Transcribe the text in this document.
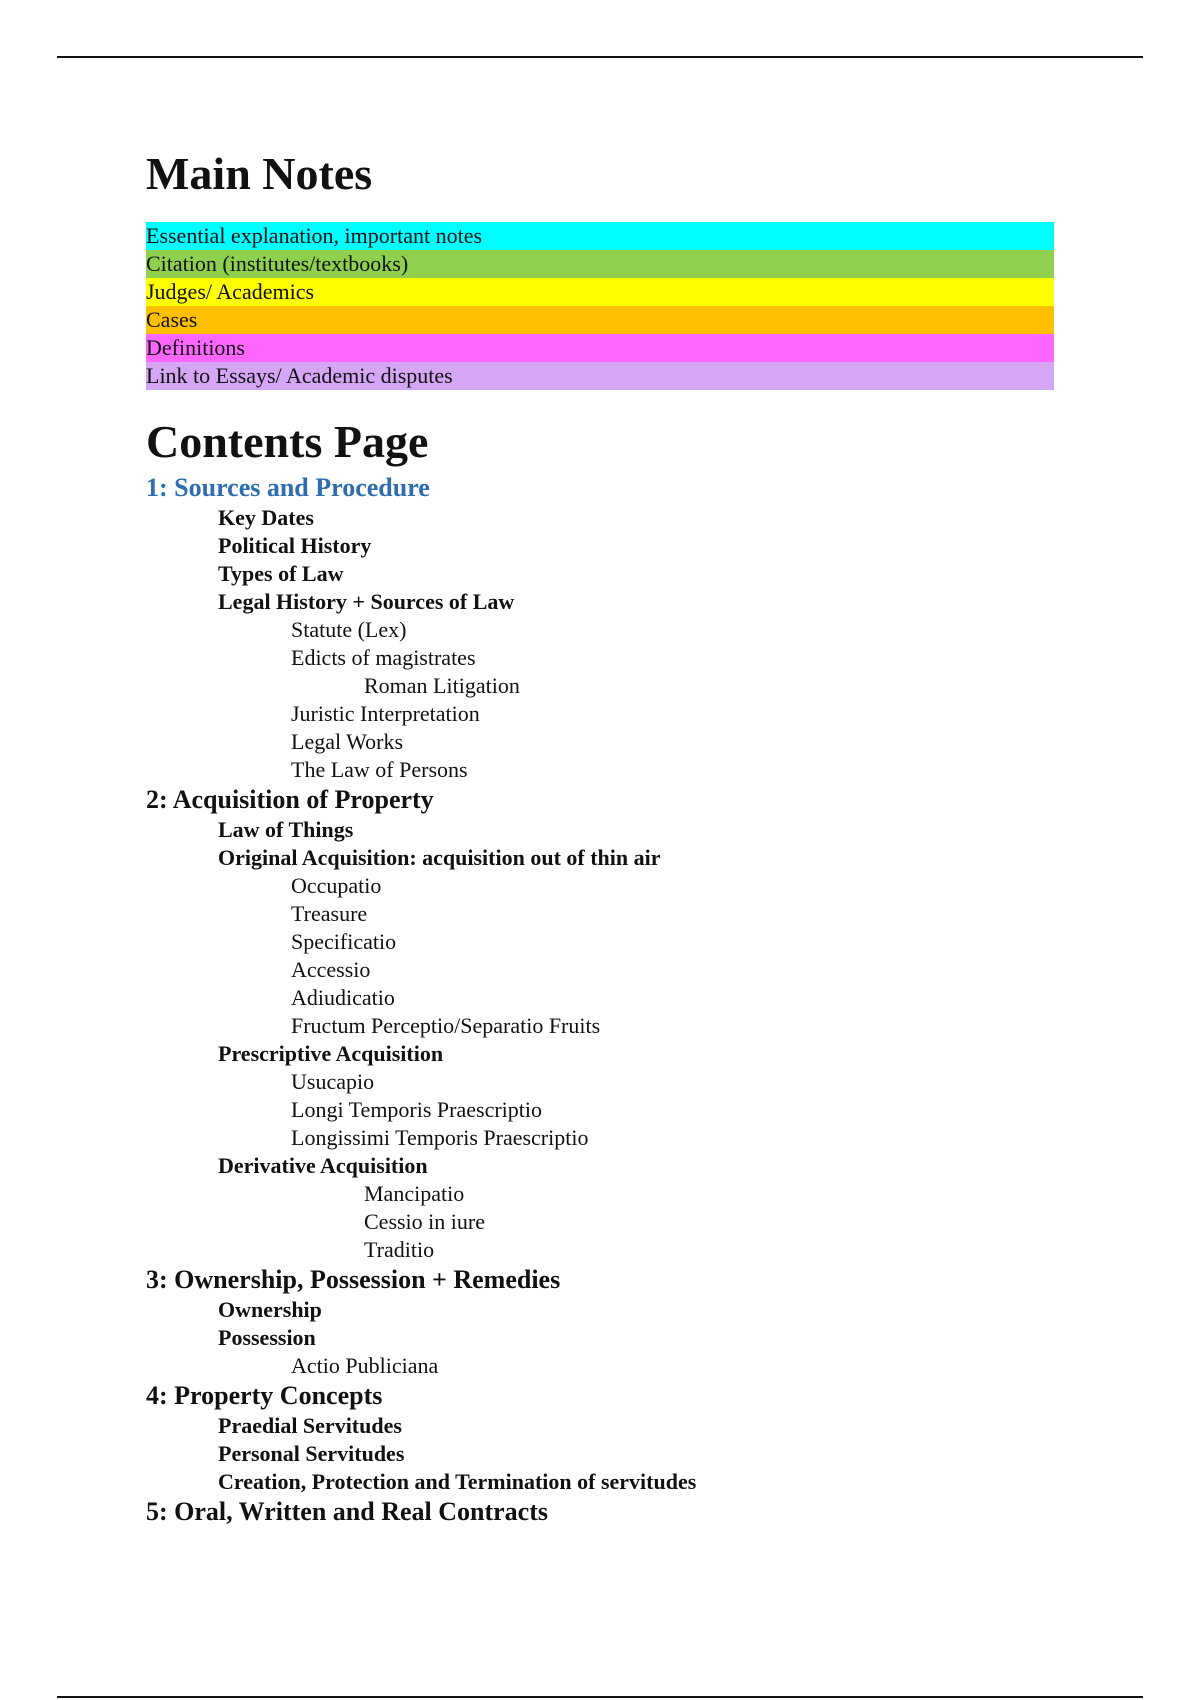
Main Notes
Essential explanation, important notes
Citation (institutes/textbooks)
Judges/ Academics
Cases
Definitions
Link to Essays/ Academic disputes
Contents Page
1: Sources and Procedure
Key Dates
Political History
Types of Law
Legal History + Sources of Law
Statute (Lex)
Edicts of magistrates
Roman Litigation
Juristic Interpretation
Legal Works
The Law of Persons
2: Acquisition of Property
Law of Things
Original Acquisition: acquisition out of thin air
Occupatio
Treasure
Specificatio
Accessio
Adiudicatio
Fructum Perceptio/Separatio Fruits
Prescriptive Acquisition
Usucapio
Longi Temporis Praescriptio
Longissimi Temporis Praescriptio
Derivative Acquisition
Mancipatio
Cessio in iure
Traditio
3: Ownership, Possession + Remedies
Ownership
Possession
Actio Publiciana
4: Property Concepts
Praedial Servitudes
Personal Servitudes
Creation, Protection and Termination of servitudes
5: Oral, Written and Real Contracts
